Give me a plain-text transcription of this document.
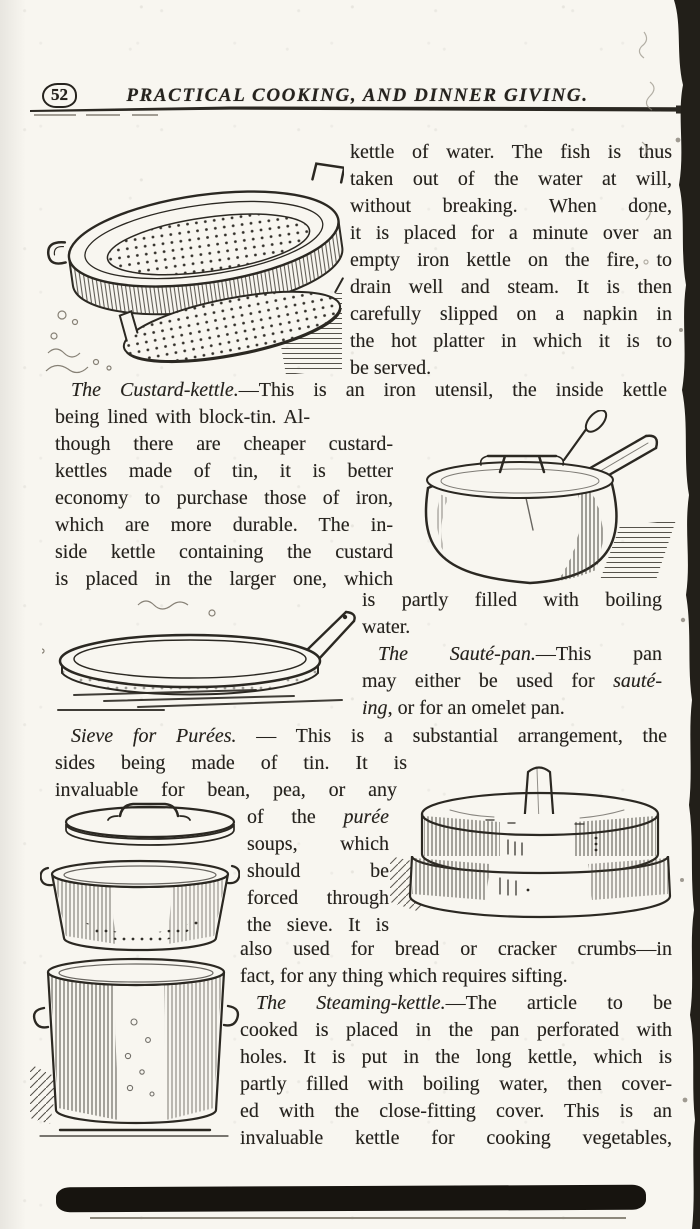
52	PRACTICAL COOKING, AND DINNER GIVING.
kettle of water. The fish is thus
taken out of the water at will,
without breaking. When done,
it is placed for a minute over an
empty iron kettle on the fire, to
drain well and steam. It is then
carefully slipped on a napkin in
the hot platter in which it is to
be served.
The Custard-kettle.—This is an iron utensil, the inside kettle
being lined with block-tin. Al-
though there are cheaper custard-
kettles made of tin, it is better
economy to purchase those of iron,
which are more durable. The in-
side kettle containing the custard
is placed in the larger one, which
is partly filled with boiling
water.
The Sauté-pan.—This pan
may either be used for sauté-
ing, or for an omelet pan.
Sieve for Purées. — This is a substantial arrangement, the
sides being made of tin. It is
invaluable for bean, pea, or any
of the purée
soups, which
should be
forced through
the sieve. It is
also used for bread or cracker crumbs—in
fact, for any thing which requires sifting.
The Steaming-kettle.—The article to be
cooked is placed in the pan perforated with
holes. It is put in the long kettle, which is
partly filled with boiling water, then cover-
ed with the close-fitting cover. This is an
invaluable kettle for cooking vegetables,
